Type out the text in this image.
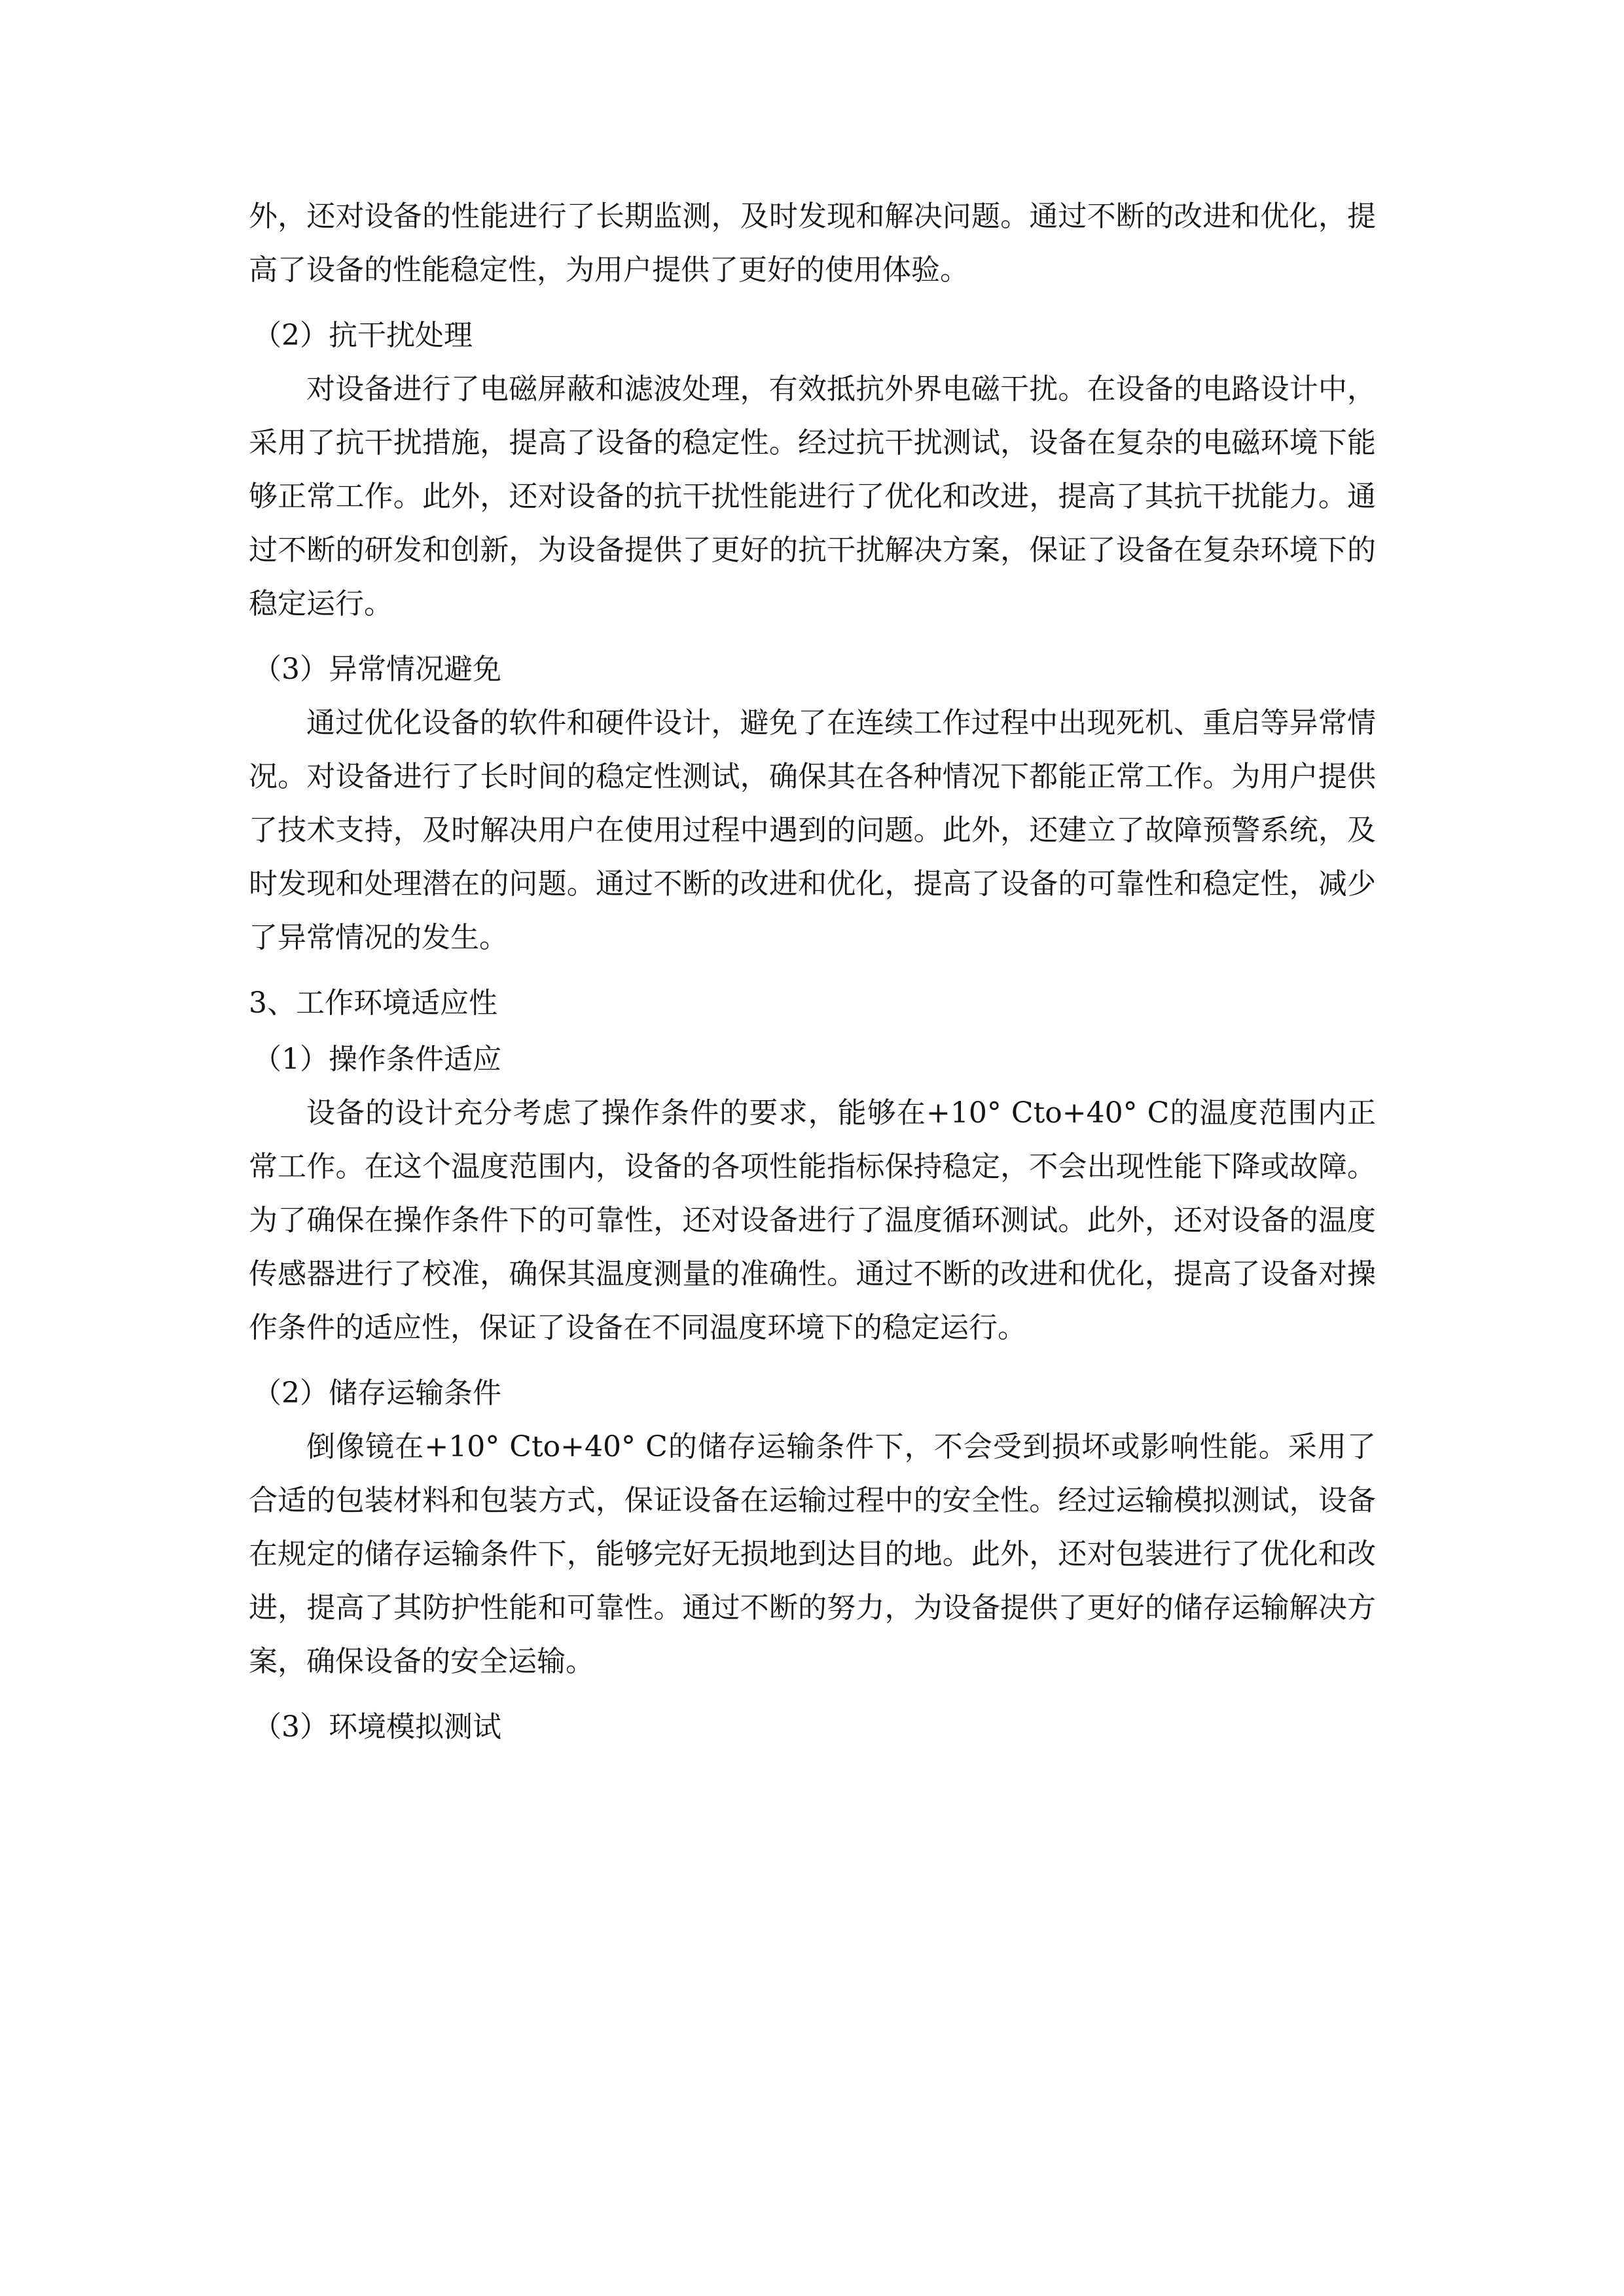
外，还对设备的性能进行了长期监测，及时发现和解决问题。通过不断的改进和优化，提高了设备的性能稳定性，为用户提供了更好的使用体验。

（2）抗干扰处理

对设备进行了电磁屏蔽和滤波处理，有效抵抗外界电磁干扰。在设备的电路设计中，采用了抗干扰措施，提高了设备的稳定性。经过抗干扰测试，设备在复杂的电磁环境下能够正常工作。此外，还对设备的抗干扰性能进行了优化和改进，提高了其抗干扰能力。通过不断的研发和创新，为设备提供了更好的抗干扰解决方案，保证了设备在复杂环境下的稳定运行。

（3）异常情况避免

通过优化设备的软件和硬件设计，避免了在连续工作过程中出现死机、重启等异常情况。对设备进行了长时间的稳定性测试，确保其在各种情况下都能正常工作。为用户提供了技术支持，及时解决用户在使用过程中遇到的问题。此外，还建立了故障预警系统，及时发现和处理潜在的问题。通过不断的改进和优化，提高了设备的可靠性和稳定性，减少了异常情况的发生。

3、工作环境适应性

（1）操作条件适应

设备的设计充分考虑了操作条件的要求，能够在+10° Cto+40° C的温度范围内正常工作。在这个温度范围内，设备的各项性能指标保持稳定，不会出现性能下降或故障。为了确保在操作条件下的可靠性，还对设备进行了温度循环测试。此外，还对设备的温度传感器进行了校准，确保其温度测量的准确性。通过不断的改进和优化，提高了设备对操作条件的适应性，保证了设备在不同温度环境下的稳定运行。

（2）储存运输条件

倒像镜在+10° Cto+40° C的储存运输条件下，不会受到损坏或影响性能。采用了合适的包装材料和包装方式，保证设备在运输过程中的安全性。经过运输模拟测试，设备在规定的储存运输条件下，能够完好无损地到达目的地。此外，还对包装进行了优化和改进，提高了其防护性能和可靠性。通过不断的努力，为设备提供了更好的储存运输解决方案，确保设备的安全运输。

（3）环境模拟测试
